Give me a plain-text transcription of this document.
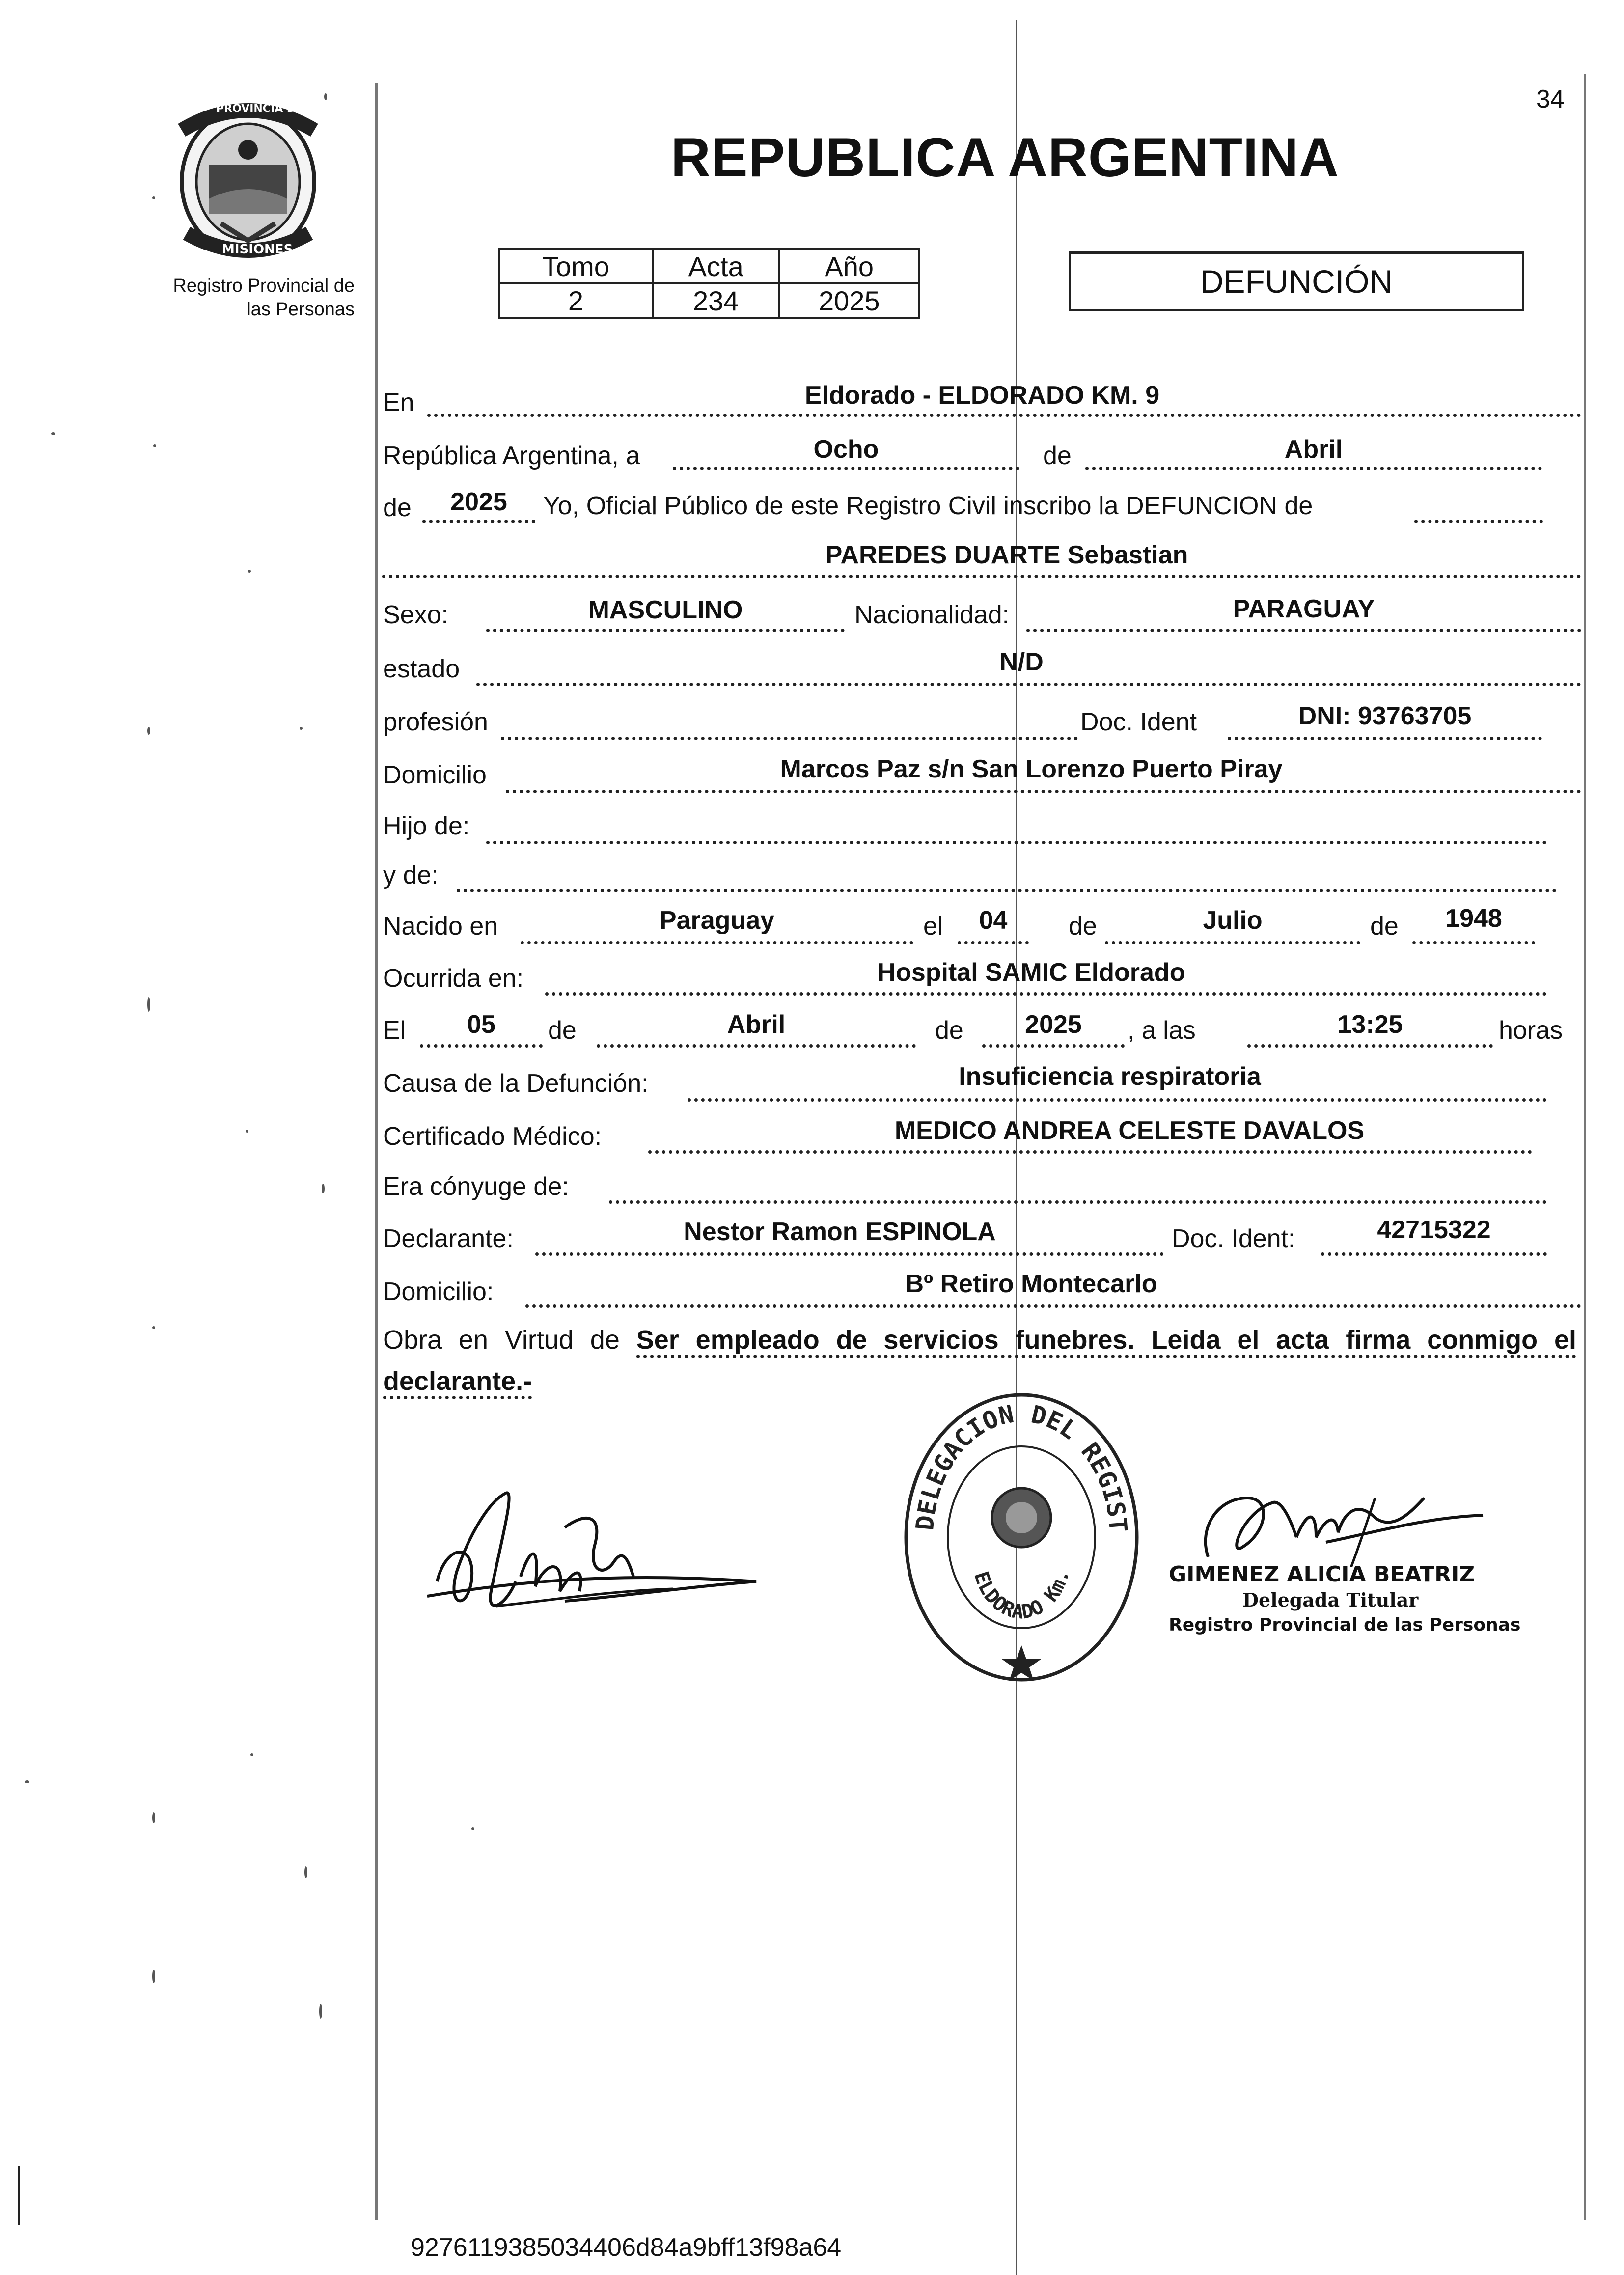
34
PROVINCIA DE
MISIONES
Registro Provincial de
las Personas
REPUBLICA ARGENTINA
Tomo	Acta	Año
2	234	2025
DEFUNCIÓN
En	Eldorado - ELDORADO KM. 9
República Argentina, a	Ocho	de	Abril
de	2025	Yo, Oficial Público de este Registro Civil inscribo la DEFUNCION de
PAREDES DUARTE Sebastian
Sexo:	MASCULINO	Nacionalidad:	PARAGUAY
estado	N/D
profesión	Doc. Ident	DNI: 93763705
Domicilio	Marcos Paz s/n San Lorenzo Puerto Piray
Hijo de:
y de:
Nacido en	Paraguay	el	04	de	Julio	de	1948
Ocurrida en:	Hospital SAMIC Eldorado
El	05	de	Abril	de	2025	, a las	13:25	horas
Causa de la Defunción:	Insuficiencia respiratoria
Certificado Médico:	MEDICO ANDREA CELESTE DAVALOS
Era cónyuge de:
Declarante:	Nestor Ramon ESPINOLA	Doc. Ident:	42715322
Domicilio:	Bº Retiro Montecarlo
Obra en Virtud de Ser empleado de servicios funebres. Leida el acta firma conmigo el declarante.-
DELEGACION DEL REGIST
ELDORADO Km.	GIMENEZ ALICIA BEATRIZ
Delegada Titular
Registro Provincial de las Personas
9276119385034406d84a9bff13f98a64
